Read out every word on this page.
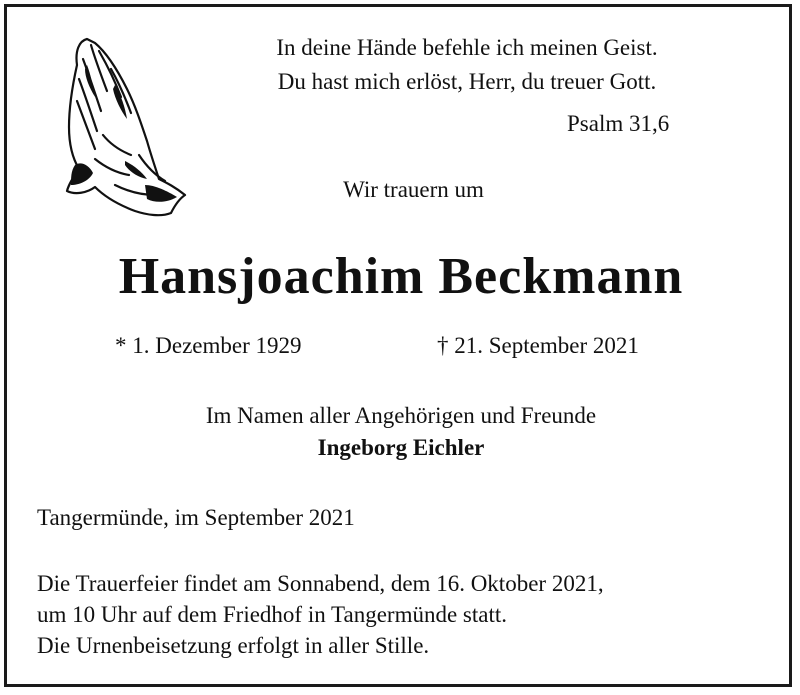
In deine Hände befehle ich meinen Geist.
Du hast mich erlöst, Herr, du treuer Gott.
Psalm 31,6
Wir trauern um
Hansjoachim Beckmann
* 1. Dezember 1929	† 21. September 2021
Im Namen aller Angehörigen und Freunde
Ingeborg Eichler
Tangermünde, im September 2021
Die Trauerfeier findet am Sonnabend, dem 16. Oktober 2021,
um 10 Uhr auf dem Friedhof in Tangermünde statt.
Die Urnenbeisetzung erfolgt in aller Stille.
